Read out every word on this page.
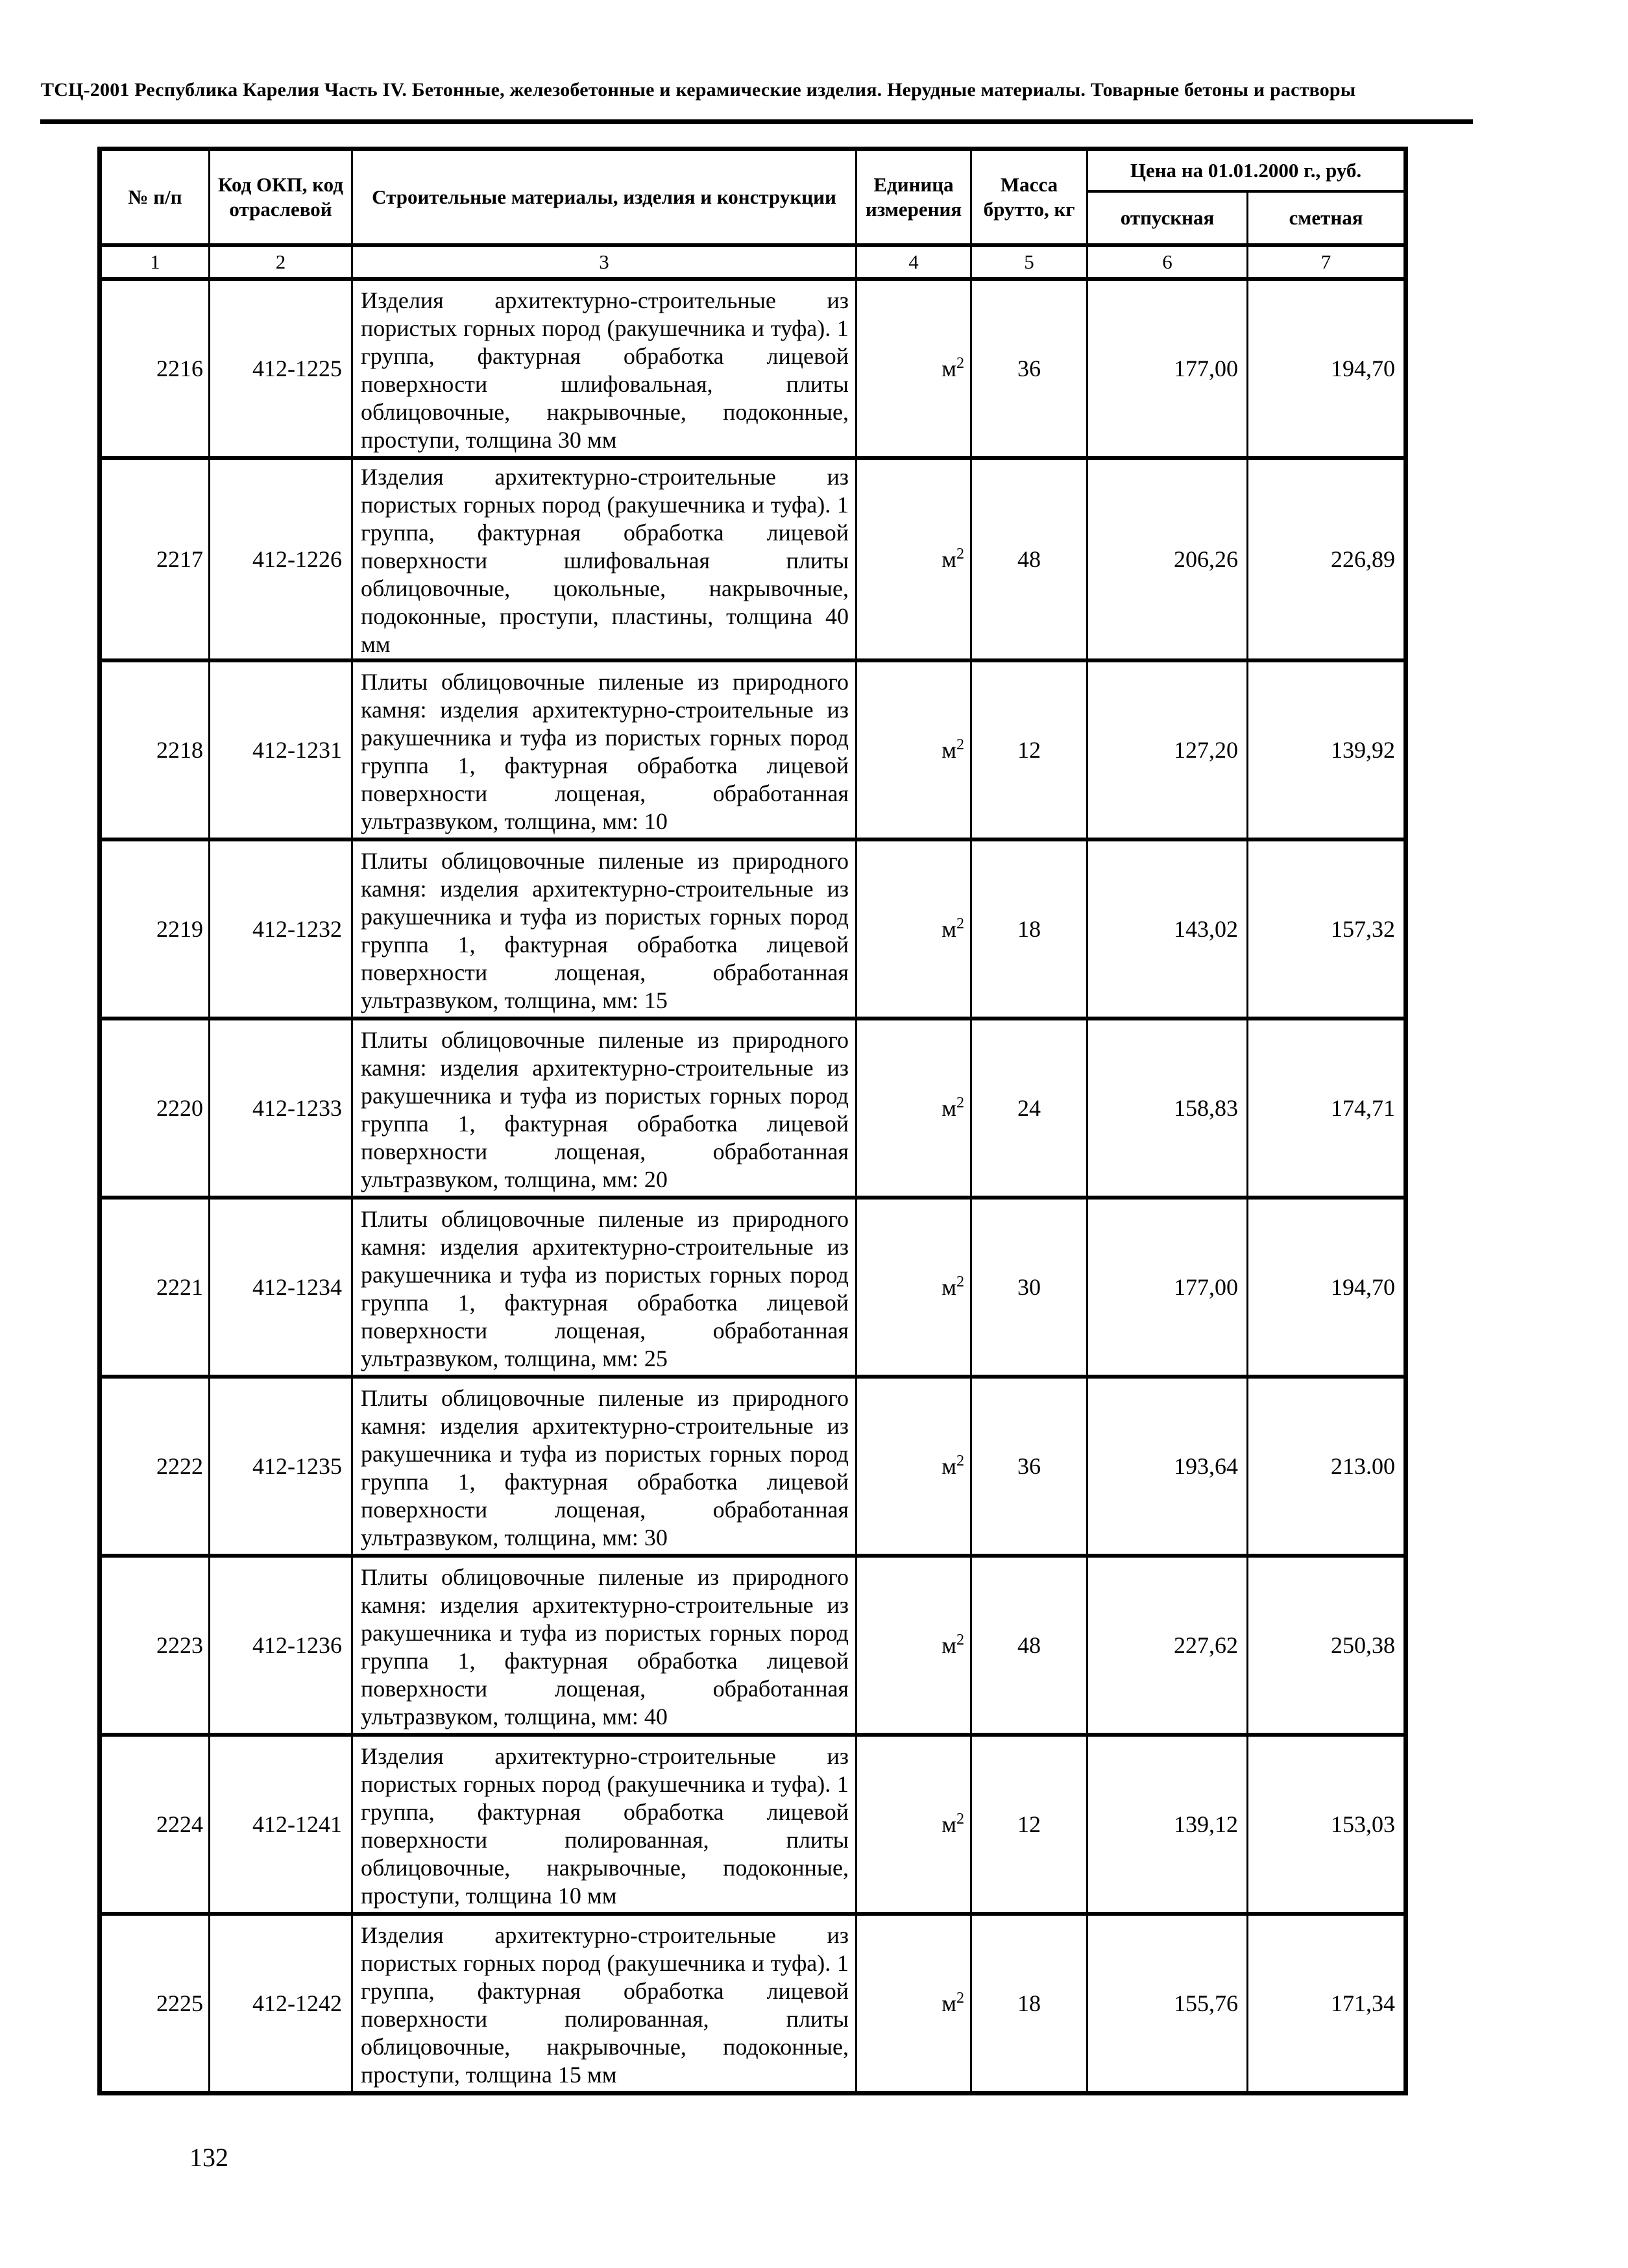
ТСЦ-2001 Республика Карелия Часть IV. Бетонные, железобетонные и керамические изделия. Нерудные материалы. Товарные бетоны и растворы
№ п/п	Код ОКП, код отраслевой	Строительные материалы, изделия и конструкции	Единица измерения	Масса брутто, кг	Цена на 01.01.2000 г., руб.	
					отпускная	сметная
1	2	3	4	5	6	7
2216	412-1225	Изделия архитектурно-строительные из пористых горных пород (ракушечника и туфа). 1 группа, фактурная обработка лицевой поверхности шлифовальная, плиты облицовочные, накрывочные, подоконные, проступи, толщина 30 мм	$м^2$	36	177,00	194,70
2217	412-1226	Изделия архитектурно-строительные из пористых горных пород (ракушечника и туфа). 1 группа, фактурная обработка лицевой поверхности шлифовальная плиты облицовочные, цокольные, накрывочные, подоконные, проступи, пластины, толщина 40 мм	$м^2$	48	206,26	226,89
2218	412-1231	Плиты облицовочные пиленые из природного камня: изделия архитектурно-строительные из ракушечника и туфа из пористых горных пород группа 1, фактурная обработка лицевой поверхности лощеная, обработанная ультразвуком, толщина, мм: 10	$м^2$	12	127,20	139,92
2219	412-1232	Плиты облицовочные пиленые из природного камня: изделия архитектурно-строительные из ракушечника и туфа из пористых горных пород группа 1, фактурная обработка лицевой поверхности лощеная, обработанная ультразвуком, толщина, мм: 15	$м^2$	18	143,02	157,32
2220	412-1233	Плиты облицовочные пиленые из природного камня: изделия архитектурно-строительные из ракушечника и туфа из пористых горных пород группа 1, фактурная обработка лицевой поверхности лощеная, обработанная ультразвуком, толщина, мм: 20	$м^2$	24	158,83	174,71
2221	412-1234	Плиты облицовочные пиленые из природного камня: изделия архитектурно-строительные из ракушечника и туфа из пористых горных пород группа 1, фактурная обработка лицевой поверхности лощеная, обработанная ультразвуком, толщина, мм: 25	$м^2$	30	177,00	194,70
2222	412-1235	Плиты облицовочные пиленые из природного камня: изделия архитектурно-строительные из ракушечника и туфа из пористых горных пород группа 1, фактурная обработка лицевой поверхности лощеная, обработанная ультразвуком, толщина, мм: 30	$м^2$	36	193,64	213.00
2223	412-1236	Плиты облицовочные пиленые из природного камня: изделия архитектурно-строительные из ракушечника и туфа из пористых горных пород группа 1, фактурная обработка лицевой поверхности лощеная, обработанная ультразвуком, толщина, мм: 40	$м^2$	48	227,62	250,38
2224	412-1241	Изделия архитектурно-строительные из пористых горных пород (ракушечника и туфа). 1 группа, фактурная обработка лицевой поверхности полированная, плиты облицовочные, накрывочные, подоконные, проступи, толщина 10 мм	$м^2$	12	139,12	153,03
2225	412-1242	Изделия архитектурно-строительные из пористых горных пород (ракушечника и туфа). 1 группа, фактурная обработка лицевой поверхности полированная, плиты облицовочные, накрывочные, подоконные, проступи, толщина 15 мм	$м^2$	18	155,76	171,34
132
